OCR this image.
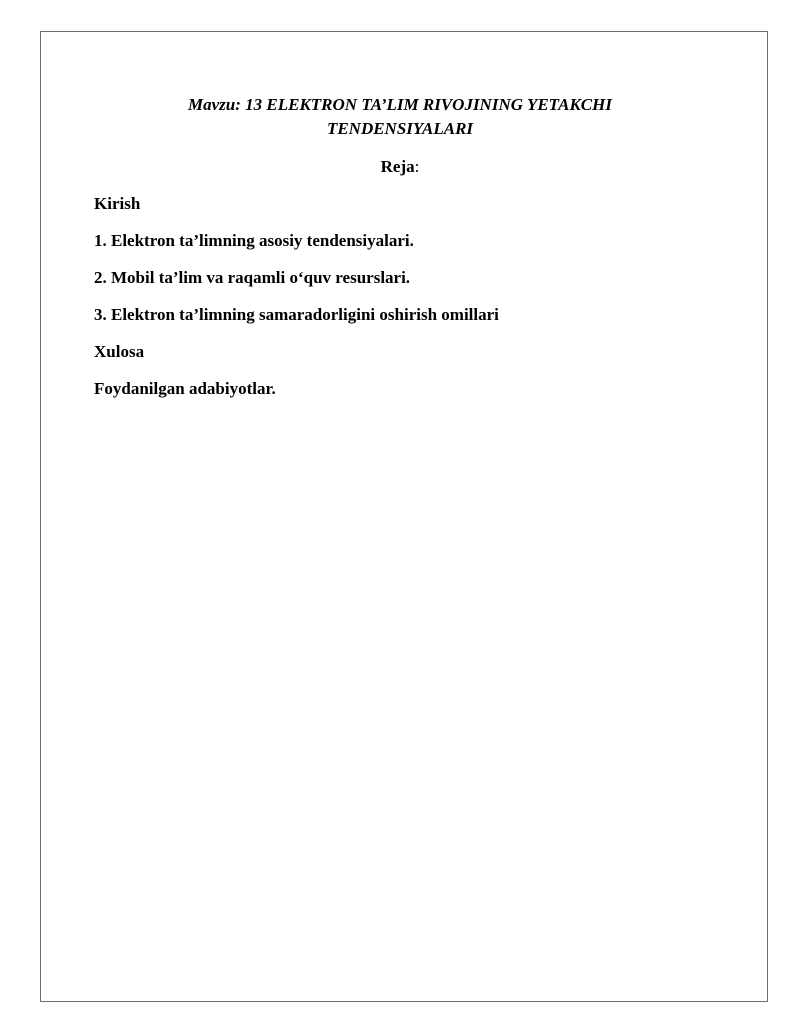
Mavzu: 13 ELEKTRON TA’LIM RIVOJINING YETAKCHI
TENDENSIYALARI

Reja:

Kirish
1. Elektron ta’limning asosiy tendensiyalari.
2. Mobil ta’lim va raqamli o‘quv resurslari.
3. Elektron ta’limning samaradorligini oshirish omillari
Xulosa
Foydanilgan adabiyotlar.
